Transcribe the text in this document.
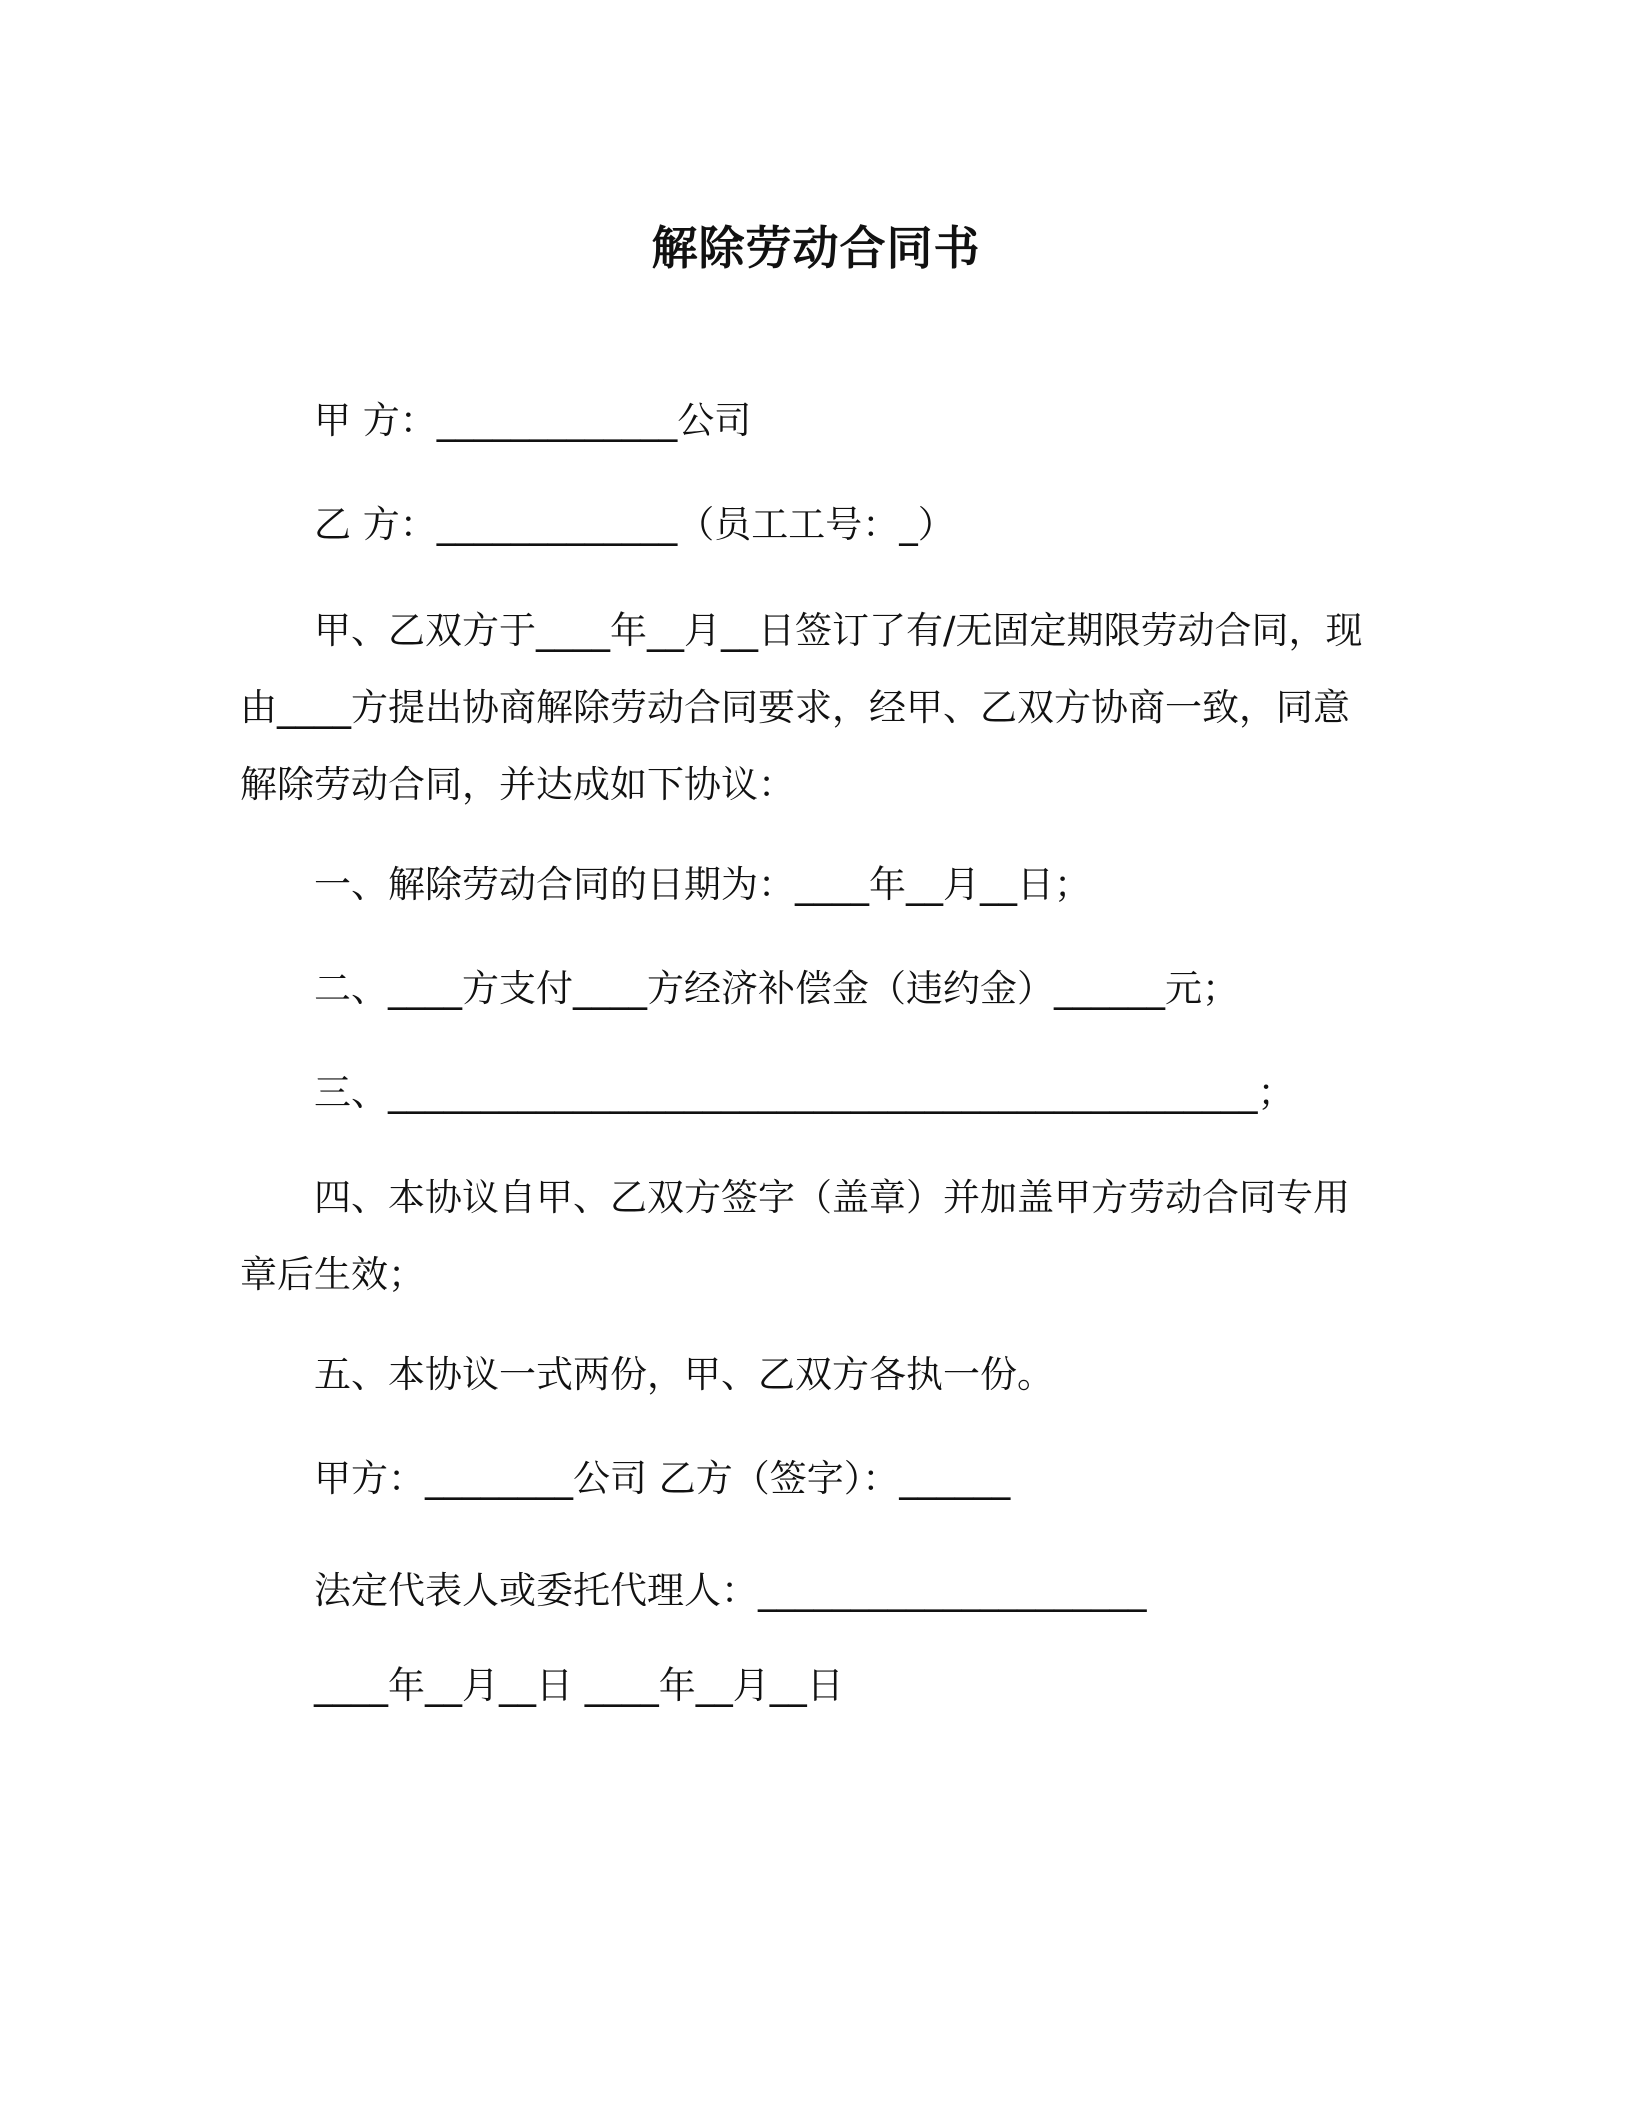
解除劳动合同书

甲 方：_____________公司

乙 方：_____________（员工工号：_）

甲、乙双方于____年__月__日签订了有/无固定期限劳动合同，现由____方提出协商解除劳动合同要求，经甲、乙双方协商一致，同意解除劳动合同，并达成如下协议：

一、解除劳动合同的日期为：____年__月__日；

二、____方支付____方经济补偿金（违约金）______元；

三、_______________________________________________；

四、本协议自甲、乙双方签字（盖章）并加盖甲方劳动合同专用章后生效；

五、本协议一式两份，甲、乙双方各执一份。

甲方：________公司 乙方（签字）：______

法定代表人或委托代理人：_____________________

____年__月__日 ____年__月__日
